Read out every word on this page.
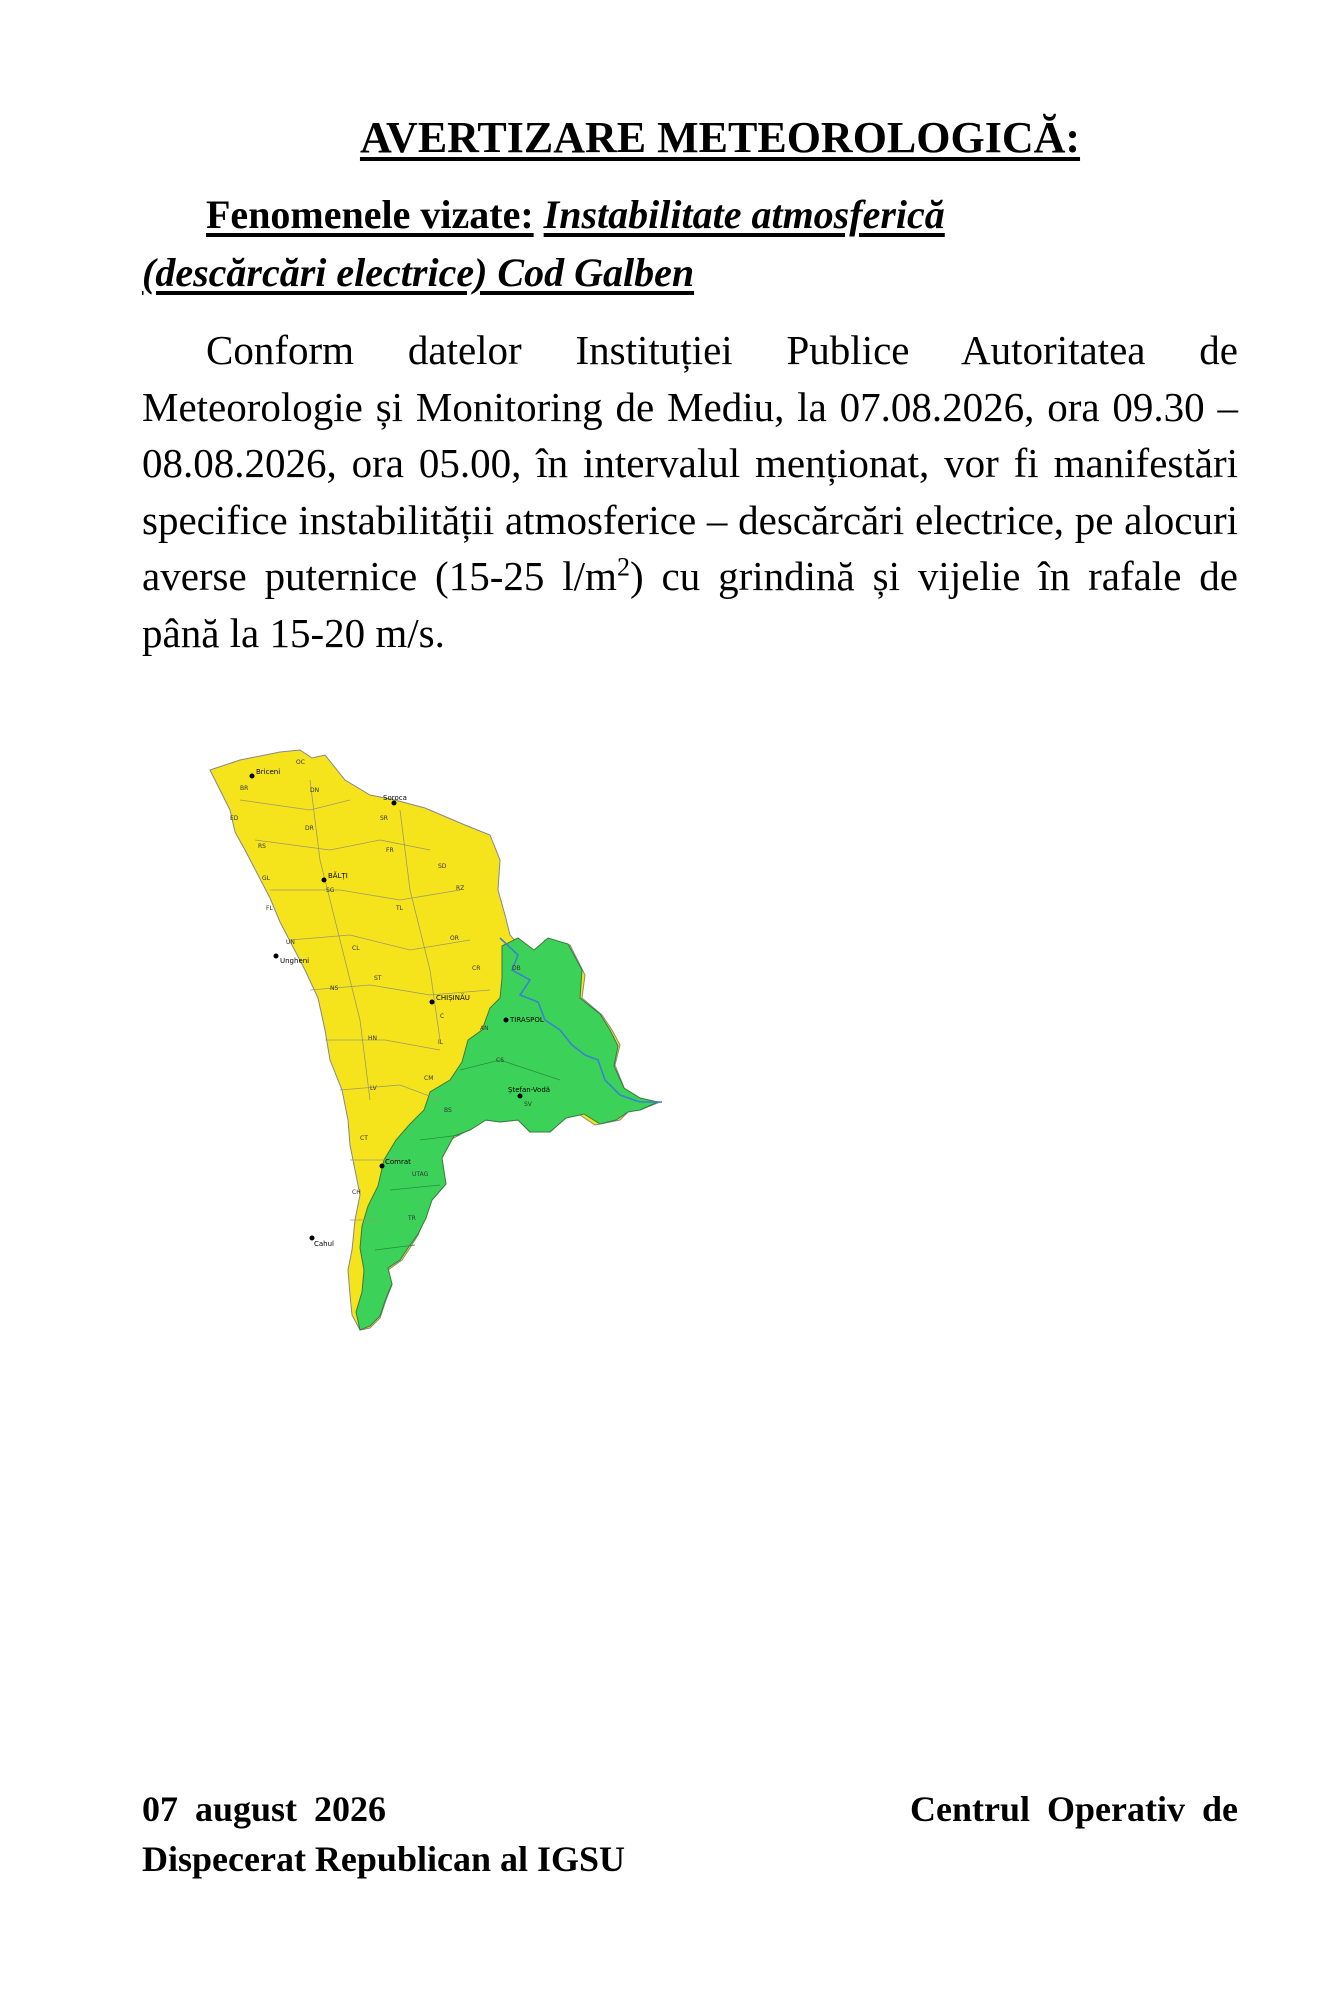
AVERTIZARE METEOROLOGICĂ:
Fenomenele vizate: Instabilitate atmosferică
(descărcări electrice) Cod Galben
Conform datelor Instituției Publice Autoritatea de Meteorologie și Monitoring de Mediu, la 07.08.2026, ora 09.30 – 08.08.2026, ora 05.00, în intervalul menționat, vor fi manifestări specifice instabilității atmosferice – descărcări electrice, pe alocuri averse puternice (15-25 $l/m^2$) cu grindină și vijelie în rafale de până la 15-20 m/s.
Briceni
Soroca
BĂLȚI
Ungheni
CHIȘINĂU
TIRASPOL
Ștefan-Vodă
Comrat
Cahul
OC
BR	DN
ED
DR
SR
RS
FR
SD
GL
SG	RZ
FL	TL
UN
CL
OR
ST
CR	DB
NS
C
AN
HN
IL
CS
CM
LV
BS
SV
CT
UTAG
CH
TR
07 august 2026	Centrul Operativ de
Dispecerat Republican al IGSU
